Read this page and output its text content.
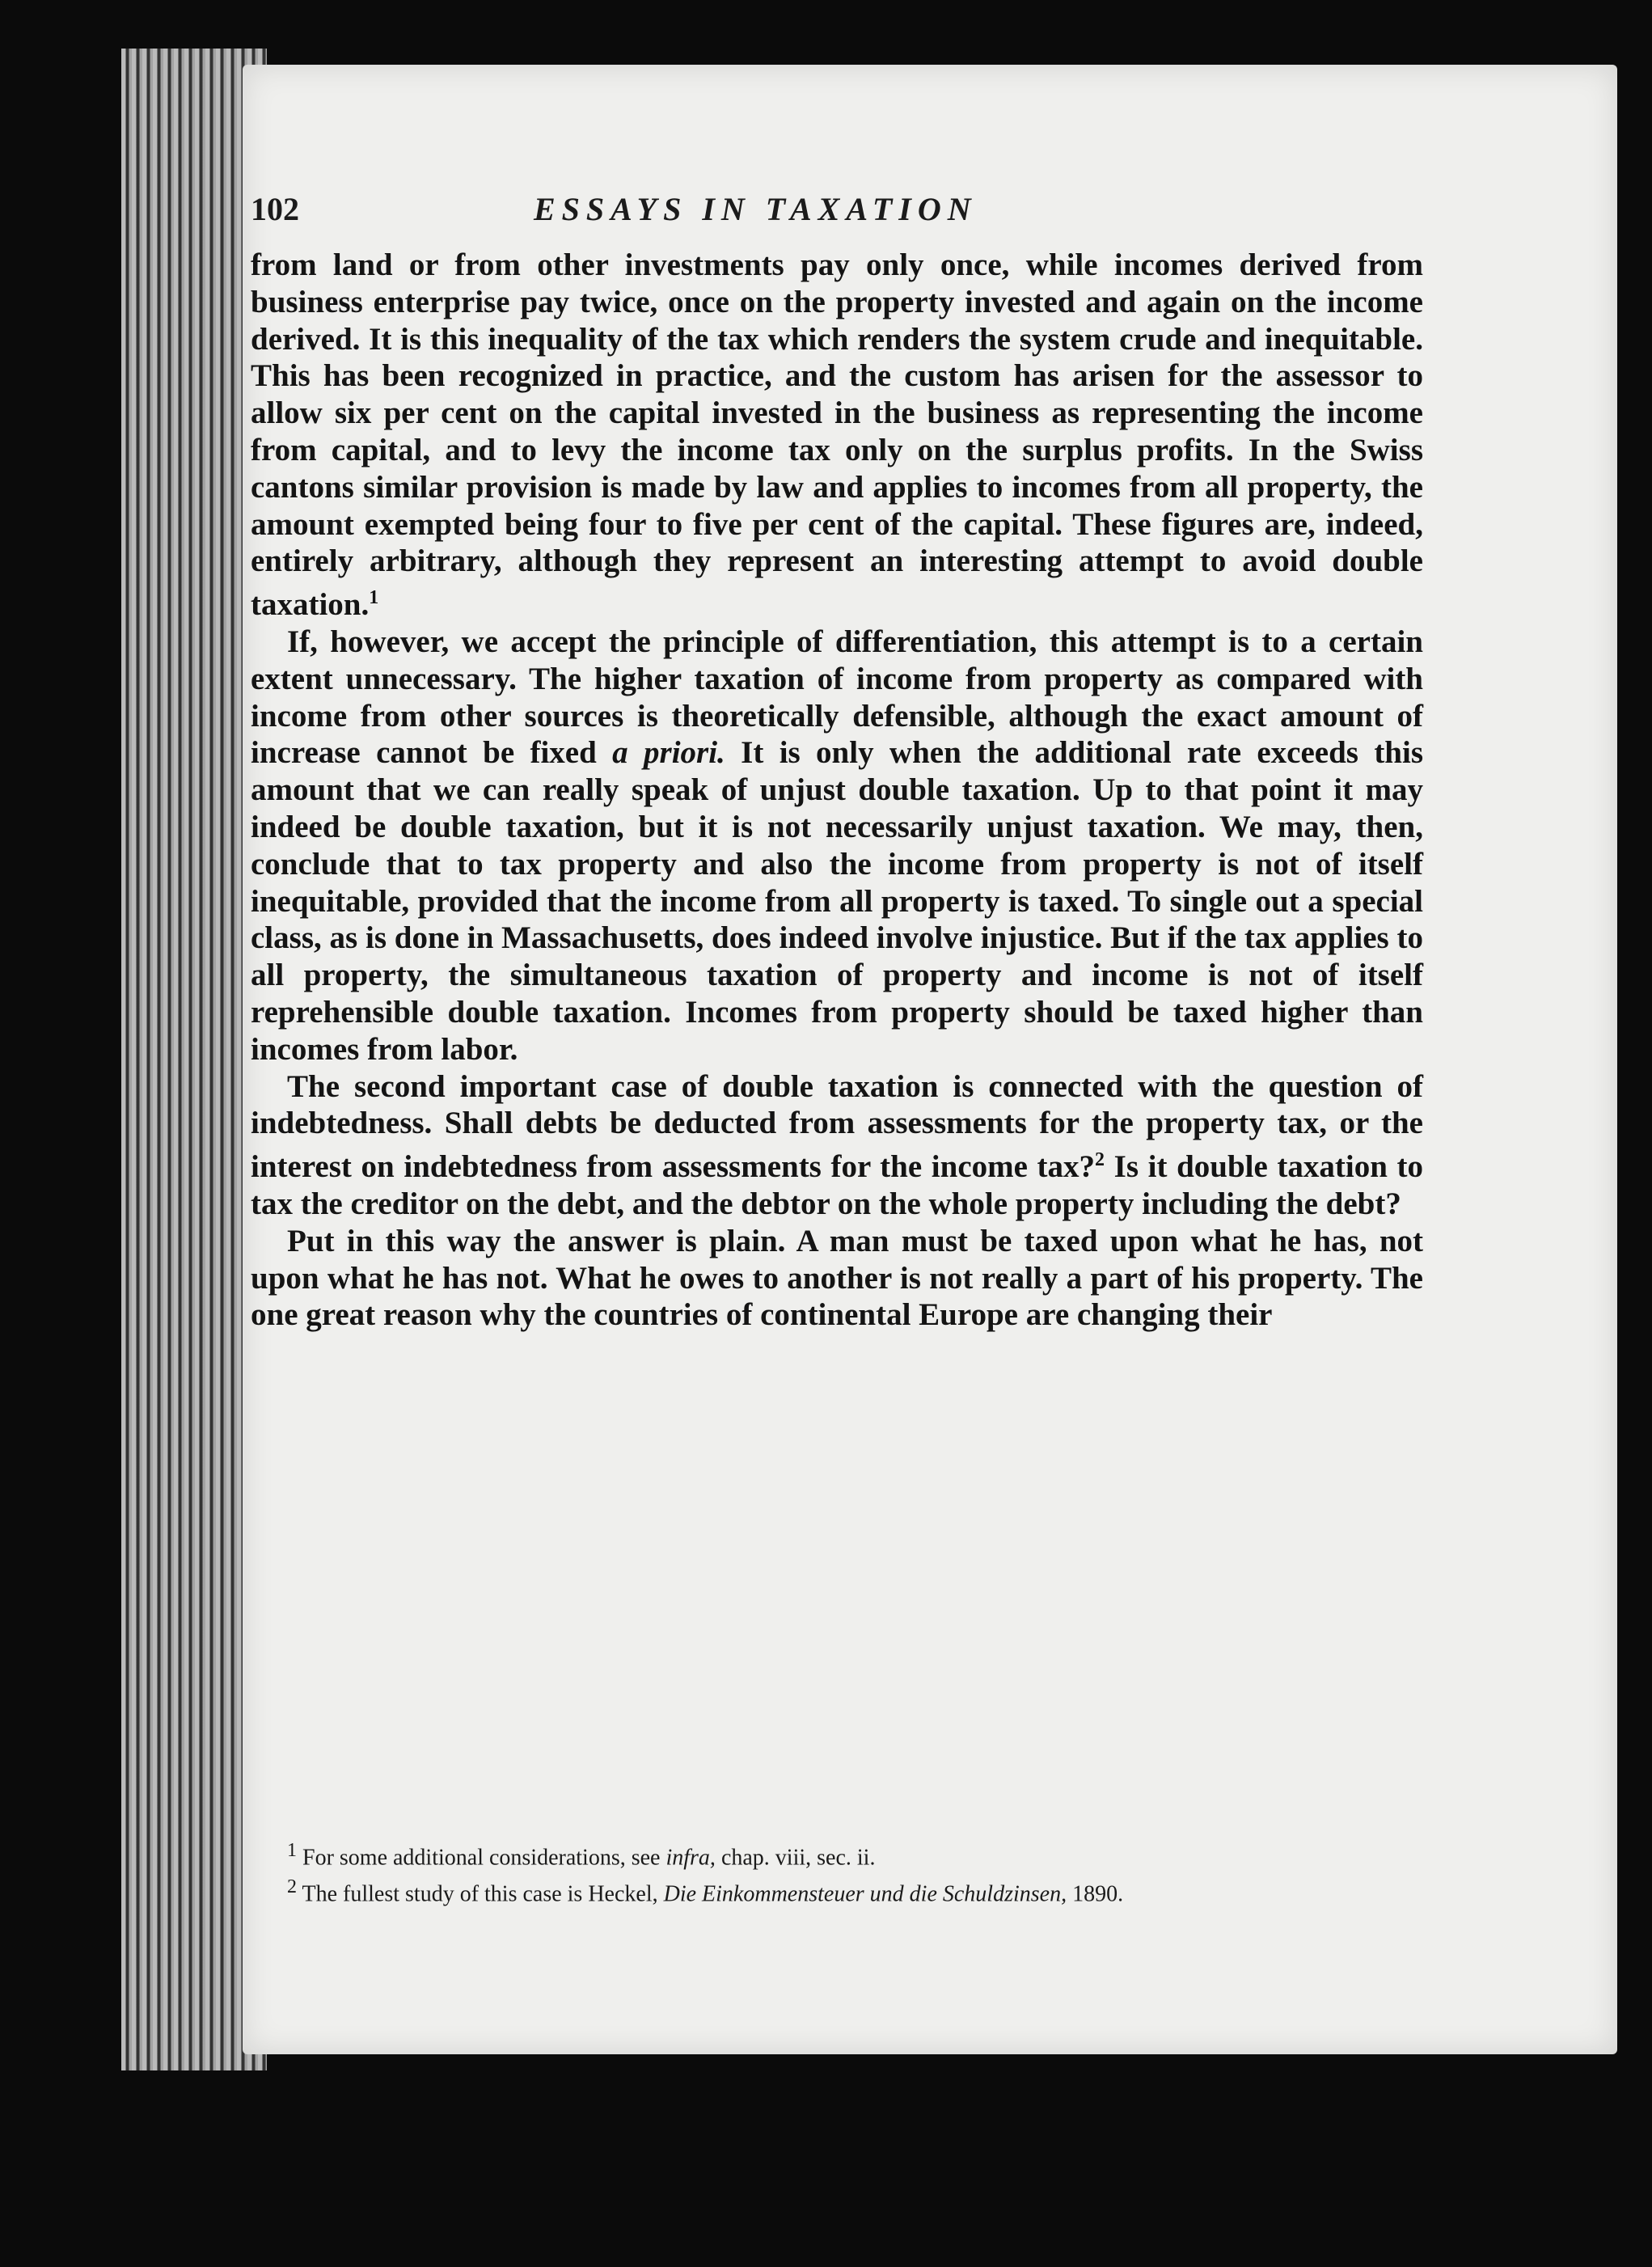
102	ESSAYS IN TAXATION

from land or from other investments pay only once, while incomes derived from business enterprise pay twice, once on the property invested and again on the income derived. It is this inequality of the tax which renders the system crude and inequitable. This has been recognized in practice, and the custom has arisen for the assessor to allow six per cent on the capital invested in the business as representing the income from capital, and to levy the income tax only on the surplus profits. In the Swiss cantons similar provision is made by law and applies to incomes from all property, the amount exempted being four to five per cent of the capital. These figures are, indeed, entirely arbitrary, although they represent an interesting attempt to avoid double taxation.$^1$

If, however, we accept the principle of differentiation, this attempt is to a certain extent unnecessary. The higher taxation of income from property as compared with income from other sources is theoretically defensible, although the exact amount of increase cannot be fixed a priori. It is only when the additional rate exceeds this amount that we can really speak of unjust double taxation. Up to that point it may indeed be double taxation, but it is not necessarily unjust taxation. We may, then, conclude that to tax property and also the income from property is not of itself inequitable, provided that the income from all property is taxed. To single out a special class, as is done in Massachusetts, does indeed involve injustice. But if the tax applies to all property, the simultaneous taxation of property and income is not of itself reprehensible double taxation. Incomes from property should be taxed higher than incomes from labor.

The second important case of double taxation is connected with the question of indebtedness. Shall debts be deducted from assessments for the property tax, or the interest on indebtedness from assessments for the income tax?$^2$ Is it double taxation to tax the creditor on the debt, and the debtor on the whole property including the debt?

Put in this way the answer is plain. A man must be taxed upon what he has, not upon what he has not. What he owes to another is not really a part of his property. The one great reason why the countries of continental Europe are changing their

1 For some additional considerations, see infra, chap. viii, sec. ii.

2 The fullest study of this case is Heckel, Die Einkommensteuer und die Schuldzinsen, 1890.
